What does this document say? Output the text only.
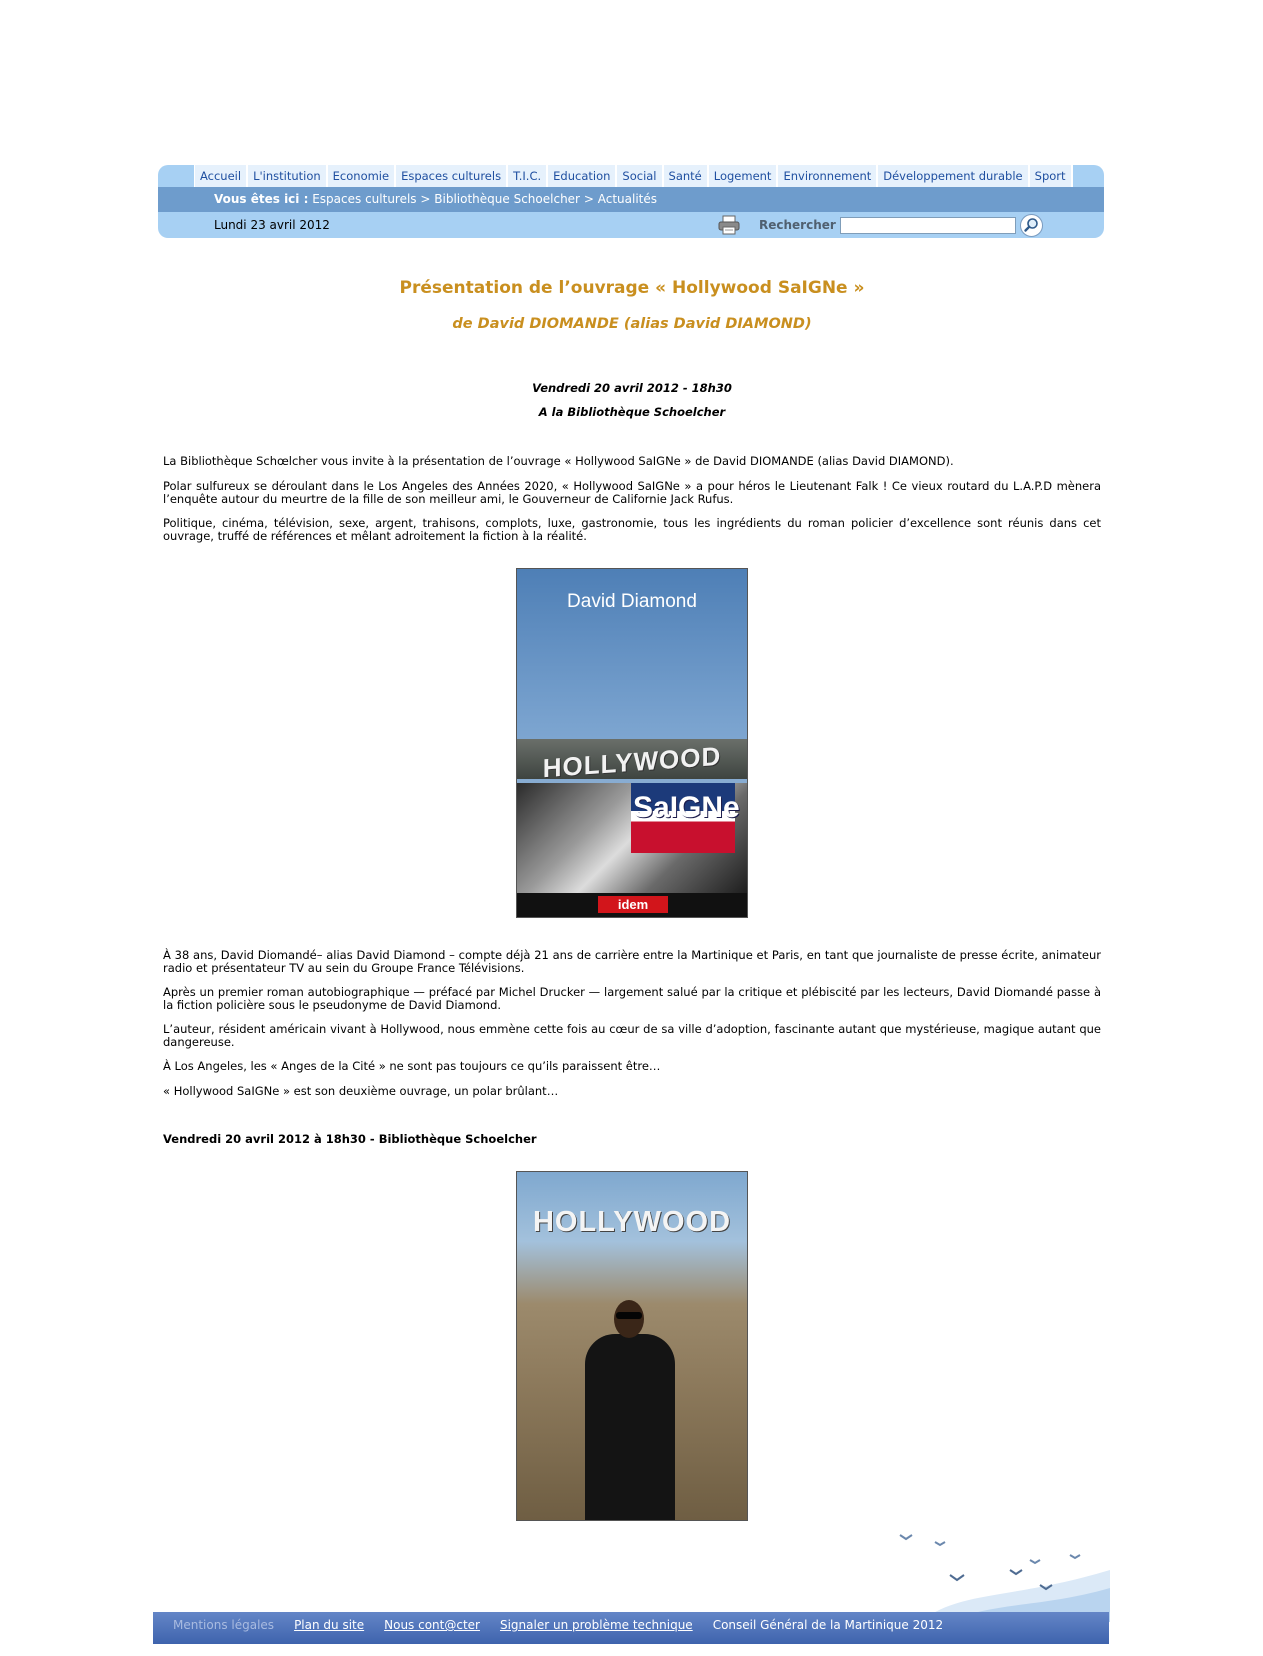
Accueil	L'institution	Economie	Espaces culturels	T.I.C.	Education	Social	Santé	Logement	Environnement	Développement durable	Sport
Vous êtes ici : Espaces culturels > Bibliothèque Schoelcher > Actualités
Lundi 23 avril 2012	Rechercher
Présentation de l’ouvrage « Hollywood SaIGNe »
de David DIOMANDE (alias David DIAMOND)
Vendredi 20 avril 2012 - 18h30
A la Bibliothèque Schoelcher
La Bibliothèque Schœlcher vous invite à la présentation de l’ouvrage « Hollywood SaIGNe » de David DIOMANDE (alias David DIAMOND).
Polar sulfureux se déroulant dans le Los Angeles des Années 2020, « Hollywood SaIGNe » a pour héros le Lieutenant Falk ! Ce vieux routard du L.A.P.D mènera l’enquête autour du meurtre de la fille de son meilleur ami, le Gouverneur de Californie Jack Rufus.
Politique, cinéma, télévision, sexe, argent, trahisons, complots, luxe, gastronomie, tous les ingrédients du roman policier d’excellence sont réunis dans cet ouvrage, truffé de références et mêlant adroitement la fiction à la réalité.
À 38 ans, David Diomandé– alias David Diamond – compte déjà 21 ans de carrière entre la Martinique et Paris, en tant que journaliste de presse écrite, animateur radio et présentateur TV au sein du Groupe France Télévisions.
Après un premier roman autobiographique — préfacé par Michel Drucker — largement salué par la critique et plébiscité par les lecteurs, David Diomandé passe à la fiction policière sous le pseudonyme de David Diamond.
L’auteur, résident américain vivant à Hollywood, nous emmène cette fois au cœur de sa ville d’adoption, fascinante autant que mystérieuse, magique autant que dangereuse.
À Los Angeles, les « Anges de la Cité » ne sont pas toujours ce qu’ils paraissent être…
« Hollywood SaIGNe » est son deuxième ouvrage, un polar brûlant…
Vendredi 20 avril 2012 à 18h30 - Bibliothèque Schoelcher
David Diamond
HOLLYWOOD
SaIGNe
idem
HOLLYWOOD
Mentions légales Plan du site Nous cont@cter Signaler un problème technique Conseil Général de la Martinique 2012
